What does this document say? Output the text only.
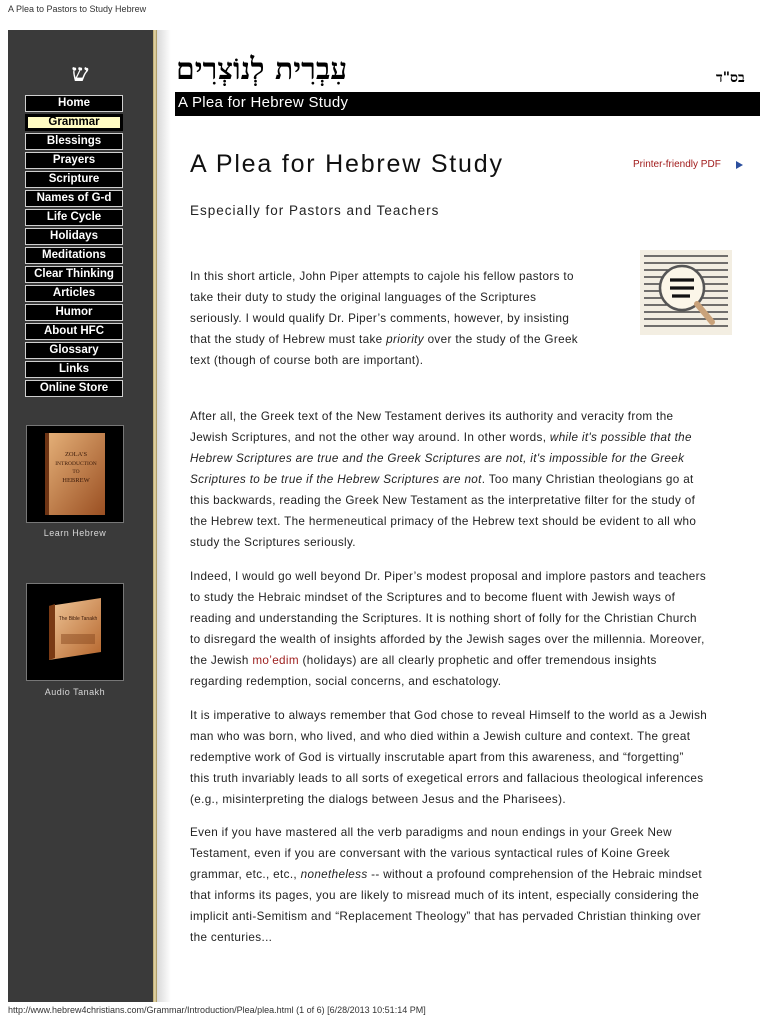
A Plea to Pastors to Study Hebrew
ש
Home
Grammar
Blessings
Prayers
Scripture
Names of G-d
Life Cycle
Holidays
Meditations
Clear Thinking
Articles
Humor
About HFC
Glossary
Links
Online Store
ZOLA'S
INTRODUCTION
TO
HEBREW
Learn Hebrew
The Bible Tanakh
Audio Tanakh
עִבְרִית לְנוֹצְרִים	בס"ד
A Plea for Hebrew Study
A Plea for Hebrew Study	Printer-friendly PDF
Especially for Pastors and Teachers
In this short article, John Piper attempts to cajole his fellow pastors to
take their duty to study the original languages of the Scriptures
seriously. I would qualify Dr. Piper’s comments, however, by insisting
that the study of Hebrew must take priority over the study of the Greek
text (though of course both are important).
After all, the Greek text of the New Testament derives its authority and veracity from the
Jewish Scriptures, and not the other way around. In other words, while it's possible that the
Hebrew Scriptures are true and the Greek Scriptures are not, it's impossible for the Greek
Scriptures to be true if the Hebrew Scriptures are not. Too many Christian theologians go at
this backwards, reading the Greek New Testament as the interpretative filter for the study of
the Hebrew text. The hermeneutical primacy of the Hebrew text should be evident to all who
study the Scriptures seriously.
Indeed, I would go well beyond Dr. Piper’s modest proposal and implore pastors and teachers
to study the Hebraic mindset of the Scriptures and to become fluent with Jewish ways of
reading and understanding the Scriptures. It is nothing short of folly for the Christian Church
to disregard the wealth of insights afforded by the Jewish sages over the millennia. Moreover,
the Jewish mo’edim (holidays) are all clearly prophetic and offer tremendous insights
regarding redemption, social concerns, and eschatology.
It is imperative to always remember that God chose to reveal Himself to the world as a Jewish
man who was born, who lived, and who died within a Jewish culture and context. The great
redemptive work of God is virtually inscrutable apart from this awareness, and “forgetting”
this truth invariably leads to all sorts of exegetical errors and fallacious theological inferences
(e.g., misinterpreting the dialogs between Jesus and the Pharisees).
Even if you have mastered all the verb paradigms and noun endings in your Greek New
Testament, even if you are conversant with the various syntactical rules of Koine Greek
grammar, etc., etc., nonetheless -- without a profound comprehension of the Hebraic mindset
that informs its pages, you are likely to misread much of its intent, especially considering the
implicit anti-Semitism and “Replacement Theology” that has pervaded Christian thinking over
the centuries...
http://www.hebrew4christians.com/Grammar/Introduction/Plea/plea.html (1 of 6) [6/28/2013 10:51:14 PM]
